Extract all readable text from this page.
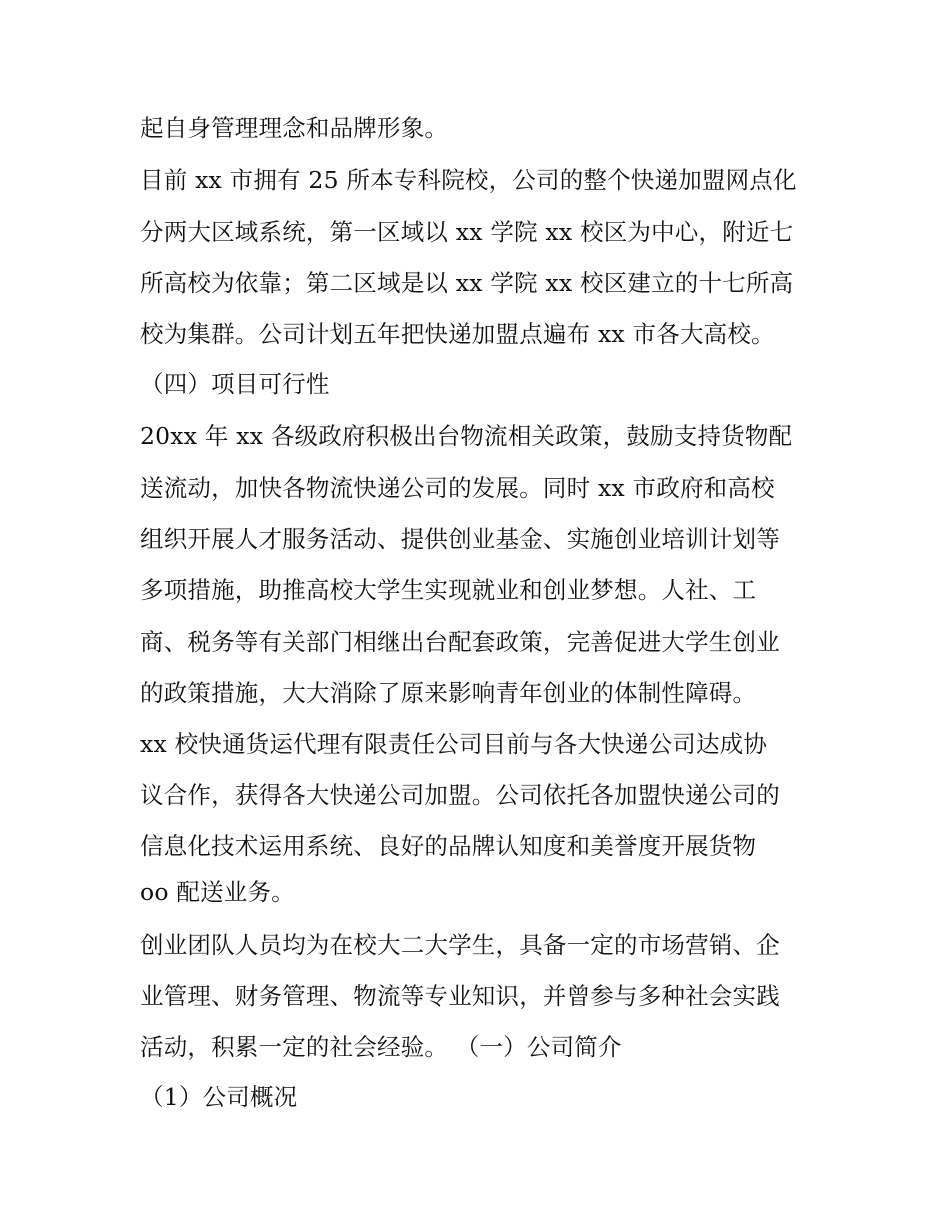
起自身管理理念和品牌形象。

目前 xx 市拥有 25 所本专科院校，公司的整个快递加盟网点化

分两大区域系统，第一区域以 xx 学院 xx 校区为中心，附近七

所高校为依靠；第二区域是以 xx 学院 xx 校区建立的十七所高

校为集群。公司计划五年把快递加盟点遍布 xx 市各大高校。

（四）项目可行性

20xx 年 xx 各级政府积极出台物流相关政策，鼓励支持货物配

送流动，加快各物流快递公司的发展。同时 xx 市政府和高校

组织开展人才服务活动、提供创业基金、实施创业培训计划等

多项措施，助推高校大学生实现就业和创业梦想。人社、工

商、税务等有关部门相继出台配套政策，完善促进大学生创业

的政策措施，大大消除了原来影响青年创业的体制性障碍。

xx 校快通货运代理有限责任公司目前与各大快递公司达成协

议合作，获得各大快递公司加盟。公司依托各加盟快递公司的

信息化技术运用系统、良好的品牌认知度和美誉度开展货物

oo 配送业务。

创业团队人员均为在校大二大学生，具备一定的市场营销、企

业管理、财务管理、物流等专业知识，并曾参与多种社会实践

活动，积累一定的社会经验。 （一）公司简介

（1）公司概况
